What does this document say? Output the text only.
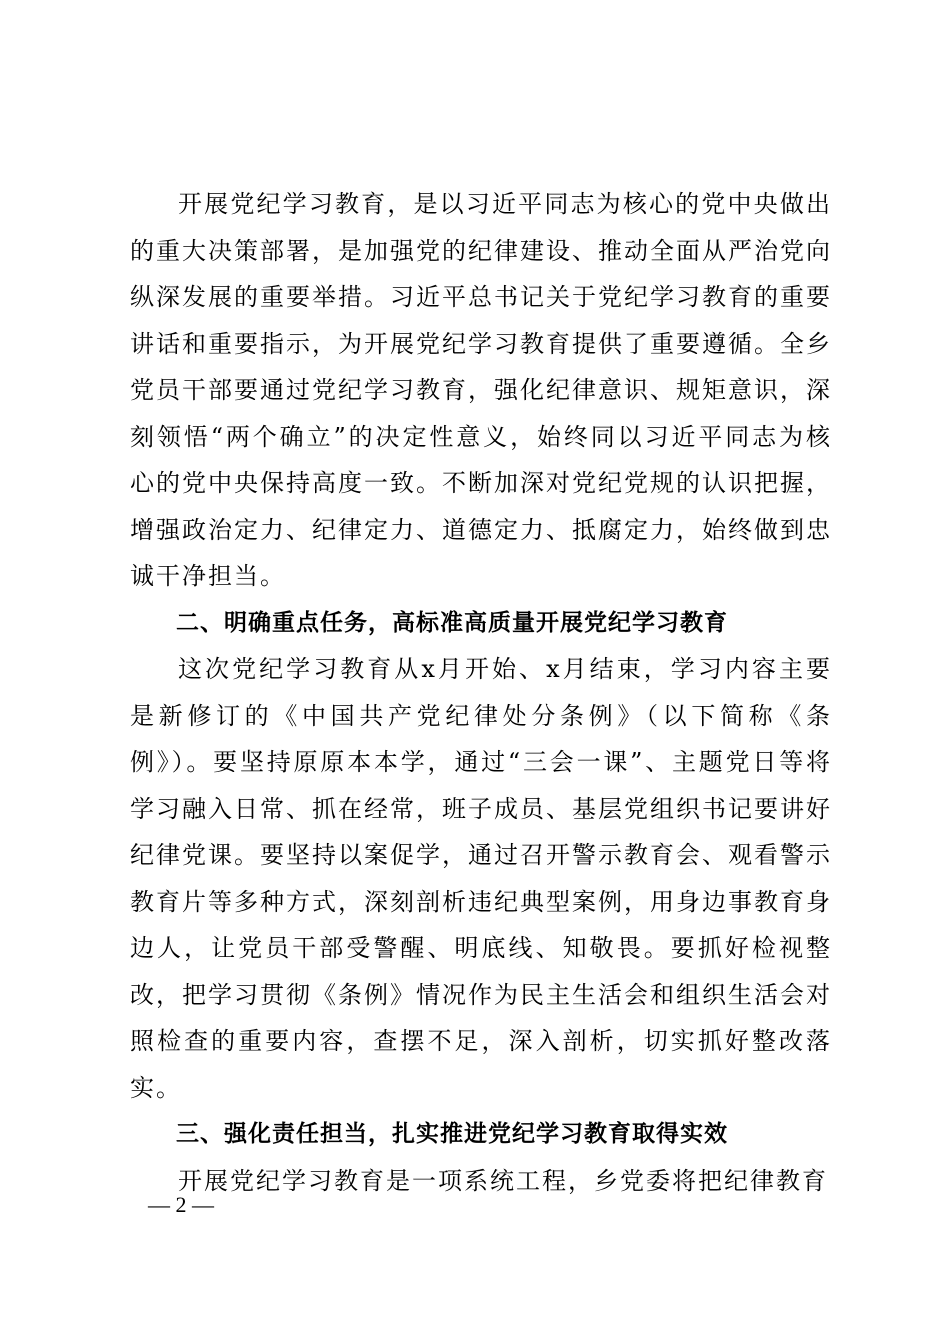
开展党纪学习教育，是以习近平同志为核心的党中央做出的重大决策部署，是加强党的纪律建设、推动全面从严治党向纵深发展的重要举措。习近平总书记关于党纪学习教育的重要讲话和重要指示，为开展党纪学习教育提供了重要遵循。全乡党员干部要通过党纪学习教育，强化纪律意识、规矩意识，深刻领悟“两个确立”的决定性意义，始终同以习近平同志为核心的党中央保持高度一致。不断加深对党纪党规的认识把握，增强政治定力、纪律定力、道德定力、抵腐定力，始终做到忠诚干净担当。

二、明确重点任务，高标准高质量开展党纪学习教育

这次党纪学习教育从x月开始、x月结束，学习内容主要是新修订的《中国共产党纪律处分条例》（以下简称《条例》）。要坚持原原本本学，通过“三会一课”、主题党日等将学习融入日常、抓在经常，班子成员、基层党组织书记要讲好纪律党课。要坚持以案促学，通过召开警示教育会、观看警示教育片等多种方式，深刻剖析违纪典型案例，用身边事教育身边人，让党员干部受警醒、明底线、知敬畏。要抓好检视整改，把学习贯彻《条例》情况作为民主生活会和组织生活会对照检查的重要内容，查摆不足，深入剖析，切实抓好整改落实。

三、强化责任担当，扎实推进党纪学习教育取得实效

开展党纪学习教育是一项系统工程，乡党委将把纪律教育

— 2 —
